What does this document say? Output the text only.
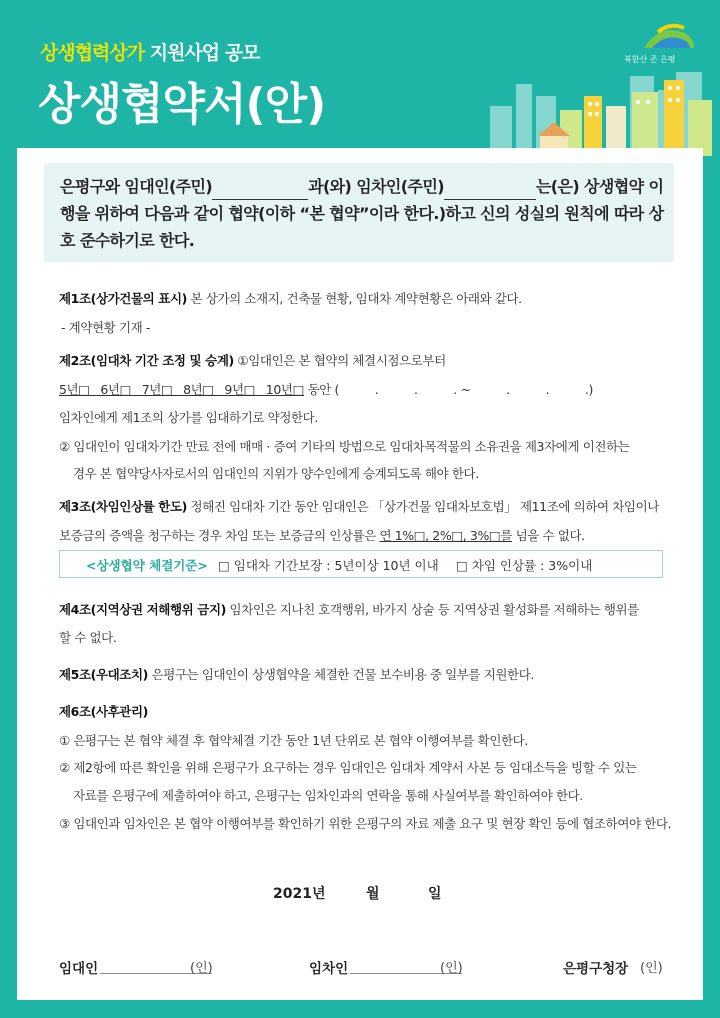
상생협력상가 지원사업 공모
상생협약서(안)
북한산 존 은평

은평구와 임대인(주민)	과(와) 임차인(주민)	는(은) 상생협약 이행을 위하여 다음과 같이 협약(이하 “본 협약”이라 한다.)하고 신의 성실의 원칙에 따라 상호 준수하기로 한다.

제1조(상가건물의 표시) 본 상가의 소재지, 건축물 현황, 임대차 계약현황은 아래와 같다.
- 계약현황 기재 -
제2조(임대차 기간 조정 및 승계) ①임대인은 본 협약의 체결시점으로부터
5년□   6년□   7년□   8년□   9년□   10년□ 동안 (          .          .          . ~          .          .          .)
임차인에게 제1조의 상가를 임대하기로 약정한다.
② 임대인이 임대차기간 만료 전에 매매 · 증여 기타의 방법으로 임대차목적물의 소유권을 제3자에게 이전하는
경우 본 협약당사자로서의 임대인의 지위가 양수인에게 승계되도록 해야 한다.
제3조(차임인상률 한도) 정해진 임대차 기간 동안 임대인은 「상가건물 임대차보호법」 제11조에 의하여 차임이나
보증금의 증액을 청구하는 경우 차임 또는 보증금의 인상률은 연 1%□, 2%□, 3%□를 넘을 수 없다.
<상생협약 체결기준> □ 임대차 기간보장 : 5년이상 10년 이내 □ 차임 인상률 : 3%이내
제4조(지역상권 저해행위 금지) 임차인은 지나친 호객행위, 바가지 상술 등 지역상권 활성화를 저해하는 행위를
할 수 없다.
제5조(우대조치) 은평구는 임대인이 상생협약을 체결한 건물 보수비용 중 일부를 지원한다.
제6조(사후관리)
① 은평구는 본 협약 체결 후 협약체결 기간 동안 1년 단위로 본 협약 이행여부를 확인한다.
② 제2항에 따른 확인을 위해 은평구가 요구하는 경우 임대인은 임대차 계약서 사본 등 임대소득을 빙할 수 있는
자료를 은평구에 제출하여야 하고, 은평구는 임차인과의 연락을 통해 사실여부를 확인하여야 한다.
③ 임대인과 임차인은 본 협약 이행여부를 확인하기 위한 은평구의 자료 제출 요구 및 현장 확인 등에 협조하여야 한다.
2021년	월	일
임대인	(인)	임차인	(인)	은평구청장 (인)
